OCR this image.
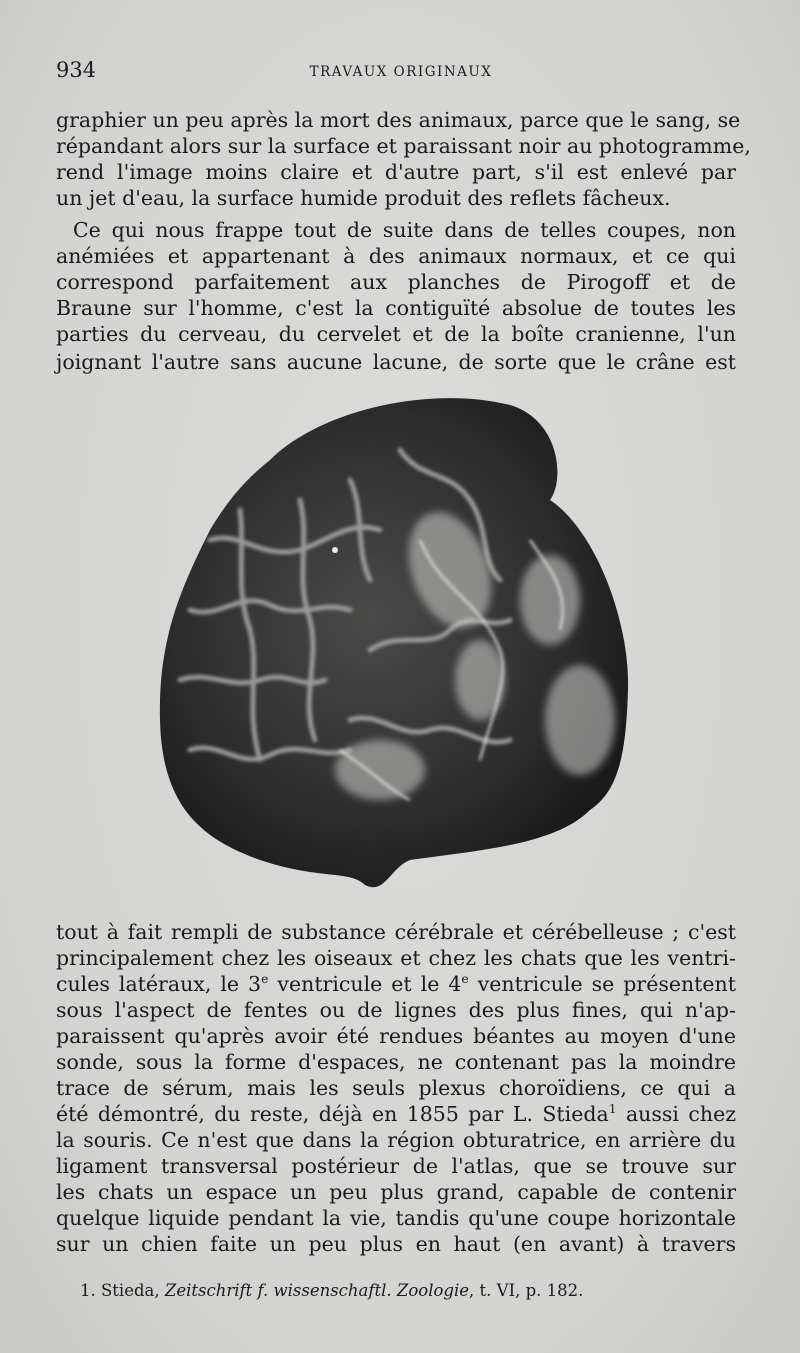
934	TRAVAUX ORIGINAUX
graphier un peu après la mort des animaux, parce que le sang, se
répandant alors sur la surface et paraissant noir au photogramme,
rend l'image moins claire et d'autre part, s'il est enlevé par
un jet d'eau, la surface humide produit des reflets fâcheux.
Ce qui nous frappe tout de suite dans de telles coupes, non
anémiées et appartenant à des animaux normaux, et ce qui
correspond parfaitement aux planches de Pirogoff et de
Braune sur l'homme, c'est la contiguïté absolue de toutes les
parties du cerveau, du cervelet et de la boîte cranienne, l'un
joignant l'autre sans aucune lacune, de sorte que le crâne est
tout à fait rempli de substance cérébrale et cérébelleuse ; c'est
principalement chez les oiseaux et chez les chats que les ventri-
cules latéraux, le 3e ventricule et le 4e ventricule se présentent
sous l'aspect de fentes ou de lignes des plus fines, qui n'ap-
paraissent qu'après avoir été rendues béantes au moyen d'une
sonde, sous la forme d'espaces, ne contenant pas la moindre
trace de sérum, mais les seuls plexus choroïdiens, ce qui a
été démontré, du reste, déjà en 1855 par L. Stieda$^1$ aussi chez
la souris. Ce n'est que dans la région obturatrice, en arrière du
ligament transversal postérieur de l'atlas, que se trouve sur
les chats un espace un peu plus grand, capable de contenir
quelque liquide pendant la vie, tandis qu'une coupe horizontale
sur un chien faite un peu plus en haut (en avant) à travers
1. Stieda, Zeitschrift f. wissenschaftl. Zoologie, t. VI, p. 182.
